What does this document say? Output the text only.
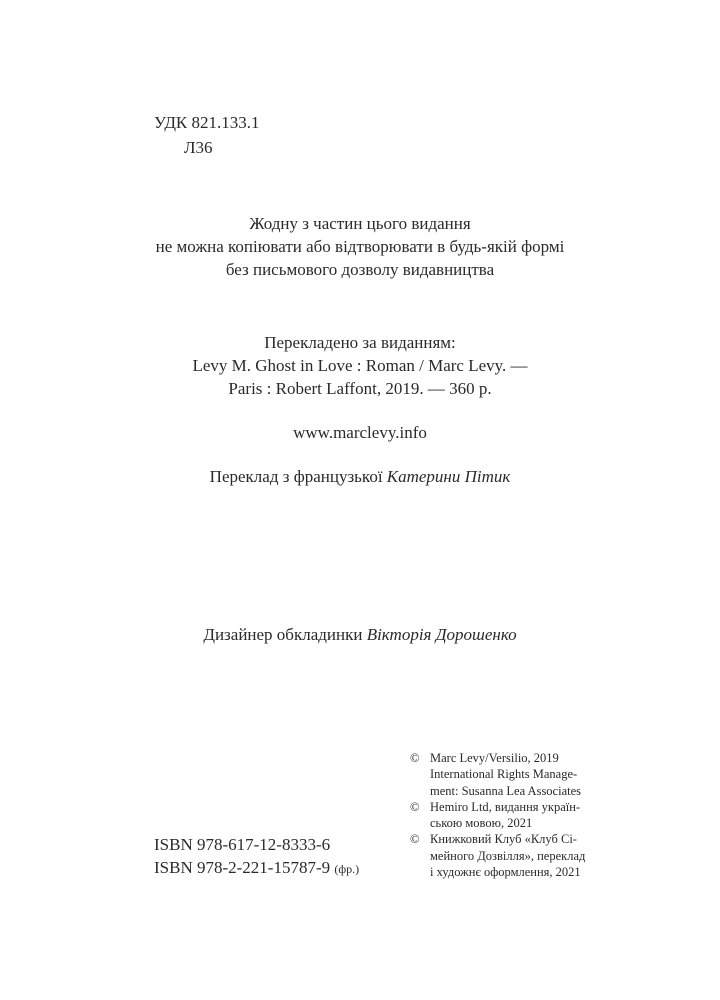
УДК 821.133.1
Л36
Жодну з частин цього видання
не можна копіювати або відтворювати в будь-якій формі
без письмового дозволу видавництва
Перекладено за виданням:
Levy M. Ghost in Love : Roman / Marc Levy. —
Paris : Robert Laffont, 2019. — 360 p.
www.marclevy.info
Переклад з французької Катерини Пітик
Дизайнер обкладинки Вікторія Дорошенко
ISBN 978-617-12-8333-6
ISBN 978-2-221-15787-9 (фр.)
© Marc Levy/Versilio, 2019
International Rights Manage-
ment: Susanna Lea Associates
© Hemiro Ltd, видання україн-
ською мовою, 2021
© Книжковий Клуб «Клуб Сі-
мейного Дозвілля», переклад
і художнє оформлення, 2021
